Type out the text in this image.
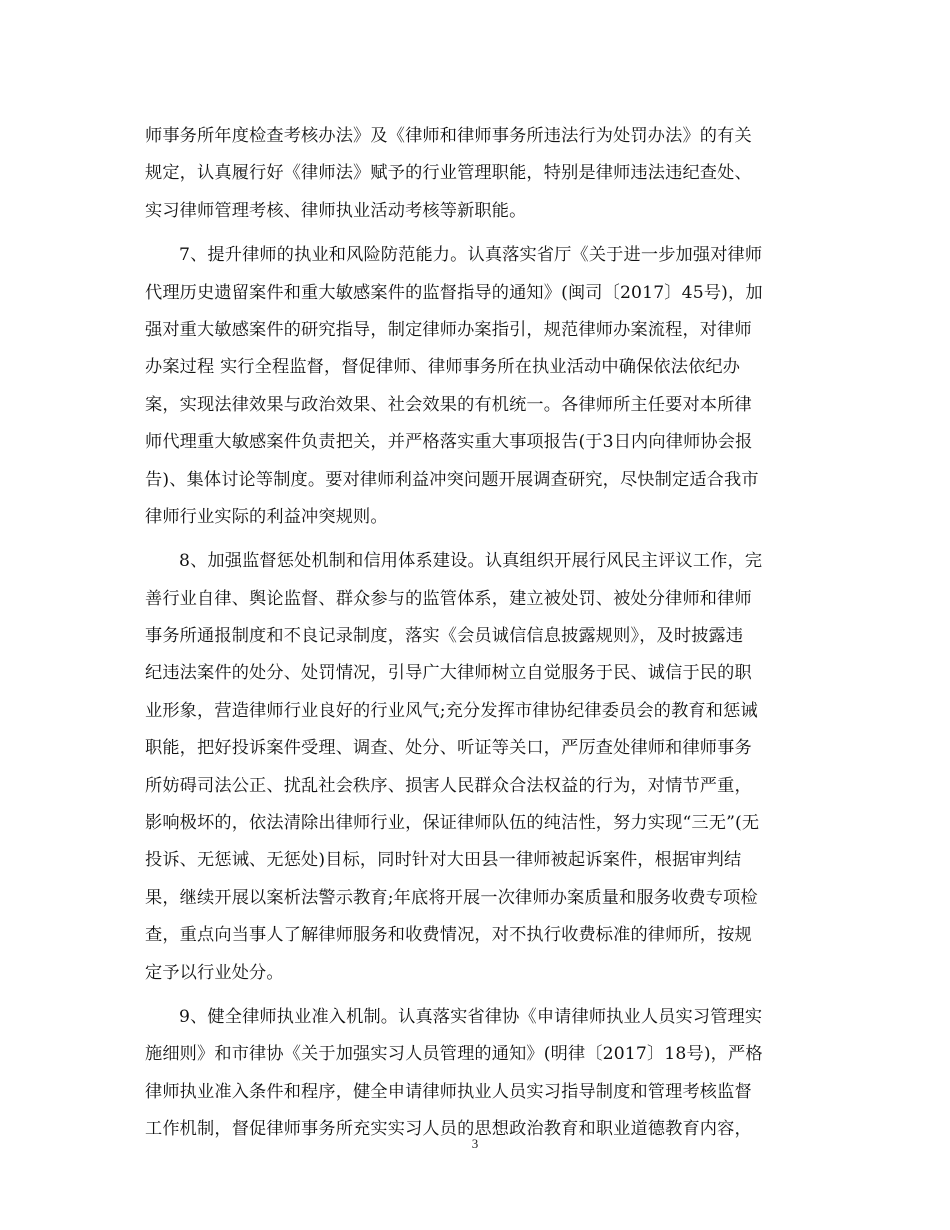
师事务所年度检查考核办法》及《律师和律师事务所违法行为处罚办法》的有关
规定，认真履行好《律师法》赋予的行业管理职能，特别是律师违法违纪查处、
实习律师管理考核、律师执业活动考核等新职能。
7、提升律师的执业和风险防范能力。认真落实省厅《关于进一步加强对律师
代理历史遗留案件和重大敏感案件的监督指导的通知》(闽司〔2017〕45号)，加
强对重大敏感案件的研究指导，制定律师办案指引，规范律师办案流程，对律师
办案过程 实行全程监督，督促律师、律师事务所在执业活动中确保依法依纪办
案，实现法律效果与政治效果、社会效果的有机统一。各律师所主任要对本所律
师代理重大敏感案件负责把关，并严格落实重大事项报告(于3日内向律师协会报
告)、集体讨论等制度。要对律师利益冲突问题开展调查研究，尽快制定适合我市
律师行业实际的利益冲突规则。
8、加强监督惩处机制和信用体系建设。认真组织开展行风民主评议工作，完
善行业自律、舆论监督、群众参与的监管体系，建立被处罚、被处分律师和律师
事务所通报制度和不良记录制度，落实《会员诚信信息披露规则》，及时披露违
纪违法案件的处分、处罚情况，引导广大律师树立自觉服务于民、诚信于民的职
业形象，营造律师行业良好的行业风气;充分发挥市律协纪律委员会的教育和惩诫
职能，把好投诉案件受理、调查、处分、听证等关口，严厉查处律师和律师事务
所妨碍司法公正、扰乱社会秩序、损害人民群众合法权益的行为，对情节严重，
影响极坏的，依法清除出律师行业，保证律师队伍的纯洁性，努力实现“三无”(无
投诉、无惩诫、无惩处)目标，同时针对大田县一律师被起诉案件，根据审判结
果，继续开展以案析法警示教育;年底将开展一次律师办案质量和服务收费专项检
查，重点向当事人了解律师服务和收费情况，对不执行收费标准的律师所，按规
定予以行业处分。
9、健全律师执业准入机制。认真落实省律协《申请律师执业人员实习管理实
施细则》和市律协《关于加强实习人员管理的通知》(明律〔2017〕18号)，严格
律师执业准入条件和程序，健全申请律师执业人员实习指导制度和管理考核监督
工作机制，督促律师事务所充实实习人员的思想政治教育和职业道德教育内容，
3
